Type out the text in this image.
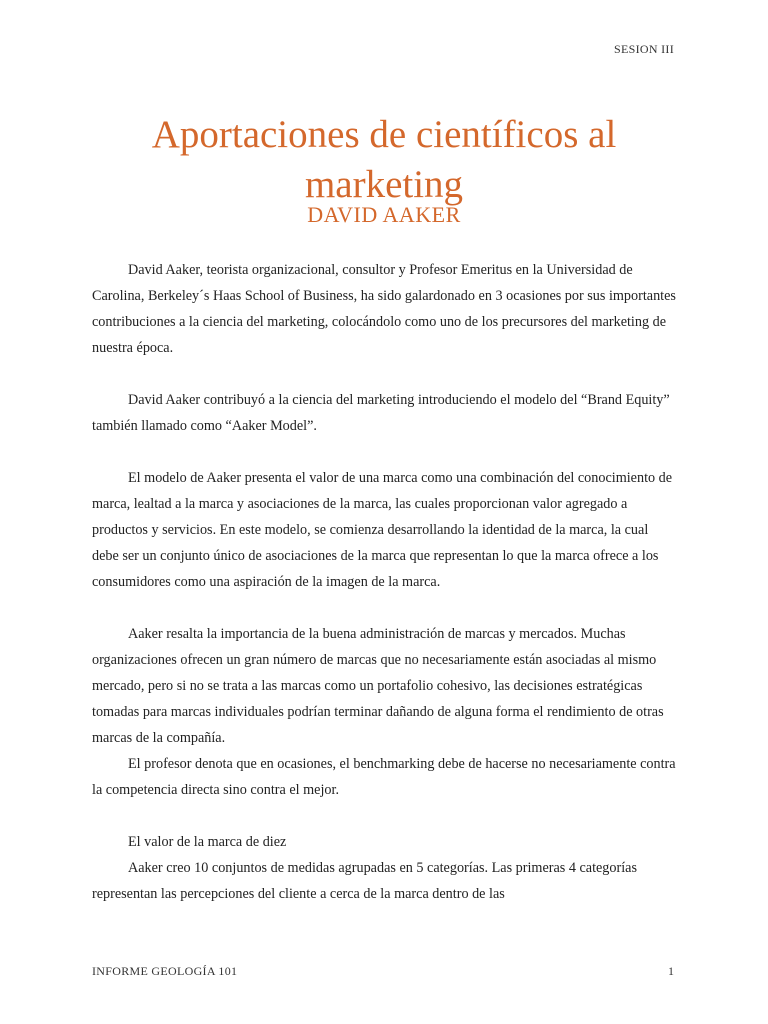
SESION III
Aportaciones de científicos al marketing
DAVID AAKER

David Aaker, teorista organizacional, consultor y Profesor Emeritus en la Universidad de Carolina, Berkeley´s Haas School of Business, ha sido galardonado en 3 ocasiones por sus importantes contribuciones a la ciencia del marketing, colocándolo como uno de los precursores del marketing de nuestra época.

David Aaker contribuyó a la ciencia del marketing introduciendo el modelo del “Brand Equity” también llamado como “Aaker Model”.

El modelo de Aaker presenta el valor de una marca como una combinación del conocimiento de marca, lealtad a la marca y asociaciones de la marca, las cuales proporcionan valor agregado a productos y servicios. En este modelo, se comienza desarrollando la identidad de la marca, la cual debe ser un conjunto único de asociaciones de la marca que representan lo que la marca ofrece a los consumidores como una aspiración de la imagen de la marca.

Aaker resalta la importancia de la buena administración de marcas y mercados. Muchas organizaciones ofrecen un gran número de marcas que no necesariamente están asociadas al mismo mercado, pero si no se trata a las marcas como un portafolio cohesivo, las decisiones estratégicas tomadas para marcas individuales podrían terminar dañando de alguna forma el rendimiento de otras marcas de la compañía.

El profesor denota que en ocasiones, el benchmarking debe de hacerse no necesariamente contra la competencia directa sino contra el mejor.

El valor de la marca de diez

Aaker creo 10 conjuntos de medidas agrupadas en 5 categorías. Las primeras 4 categorías representan las percepciones del cliente a cerca de la marca dentro de las

INFORME GEOLOGÍA 101	1
